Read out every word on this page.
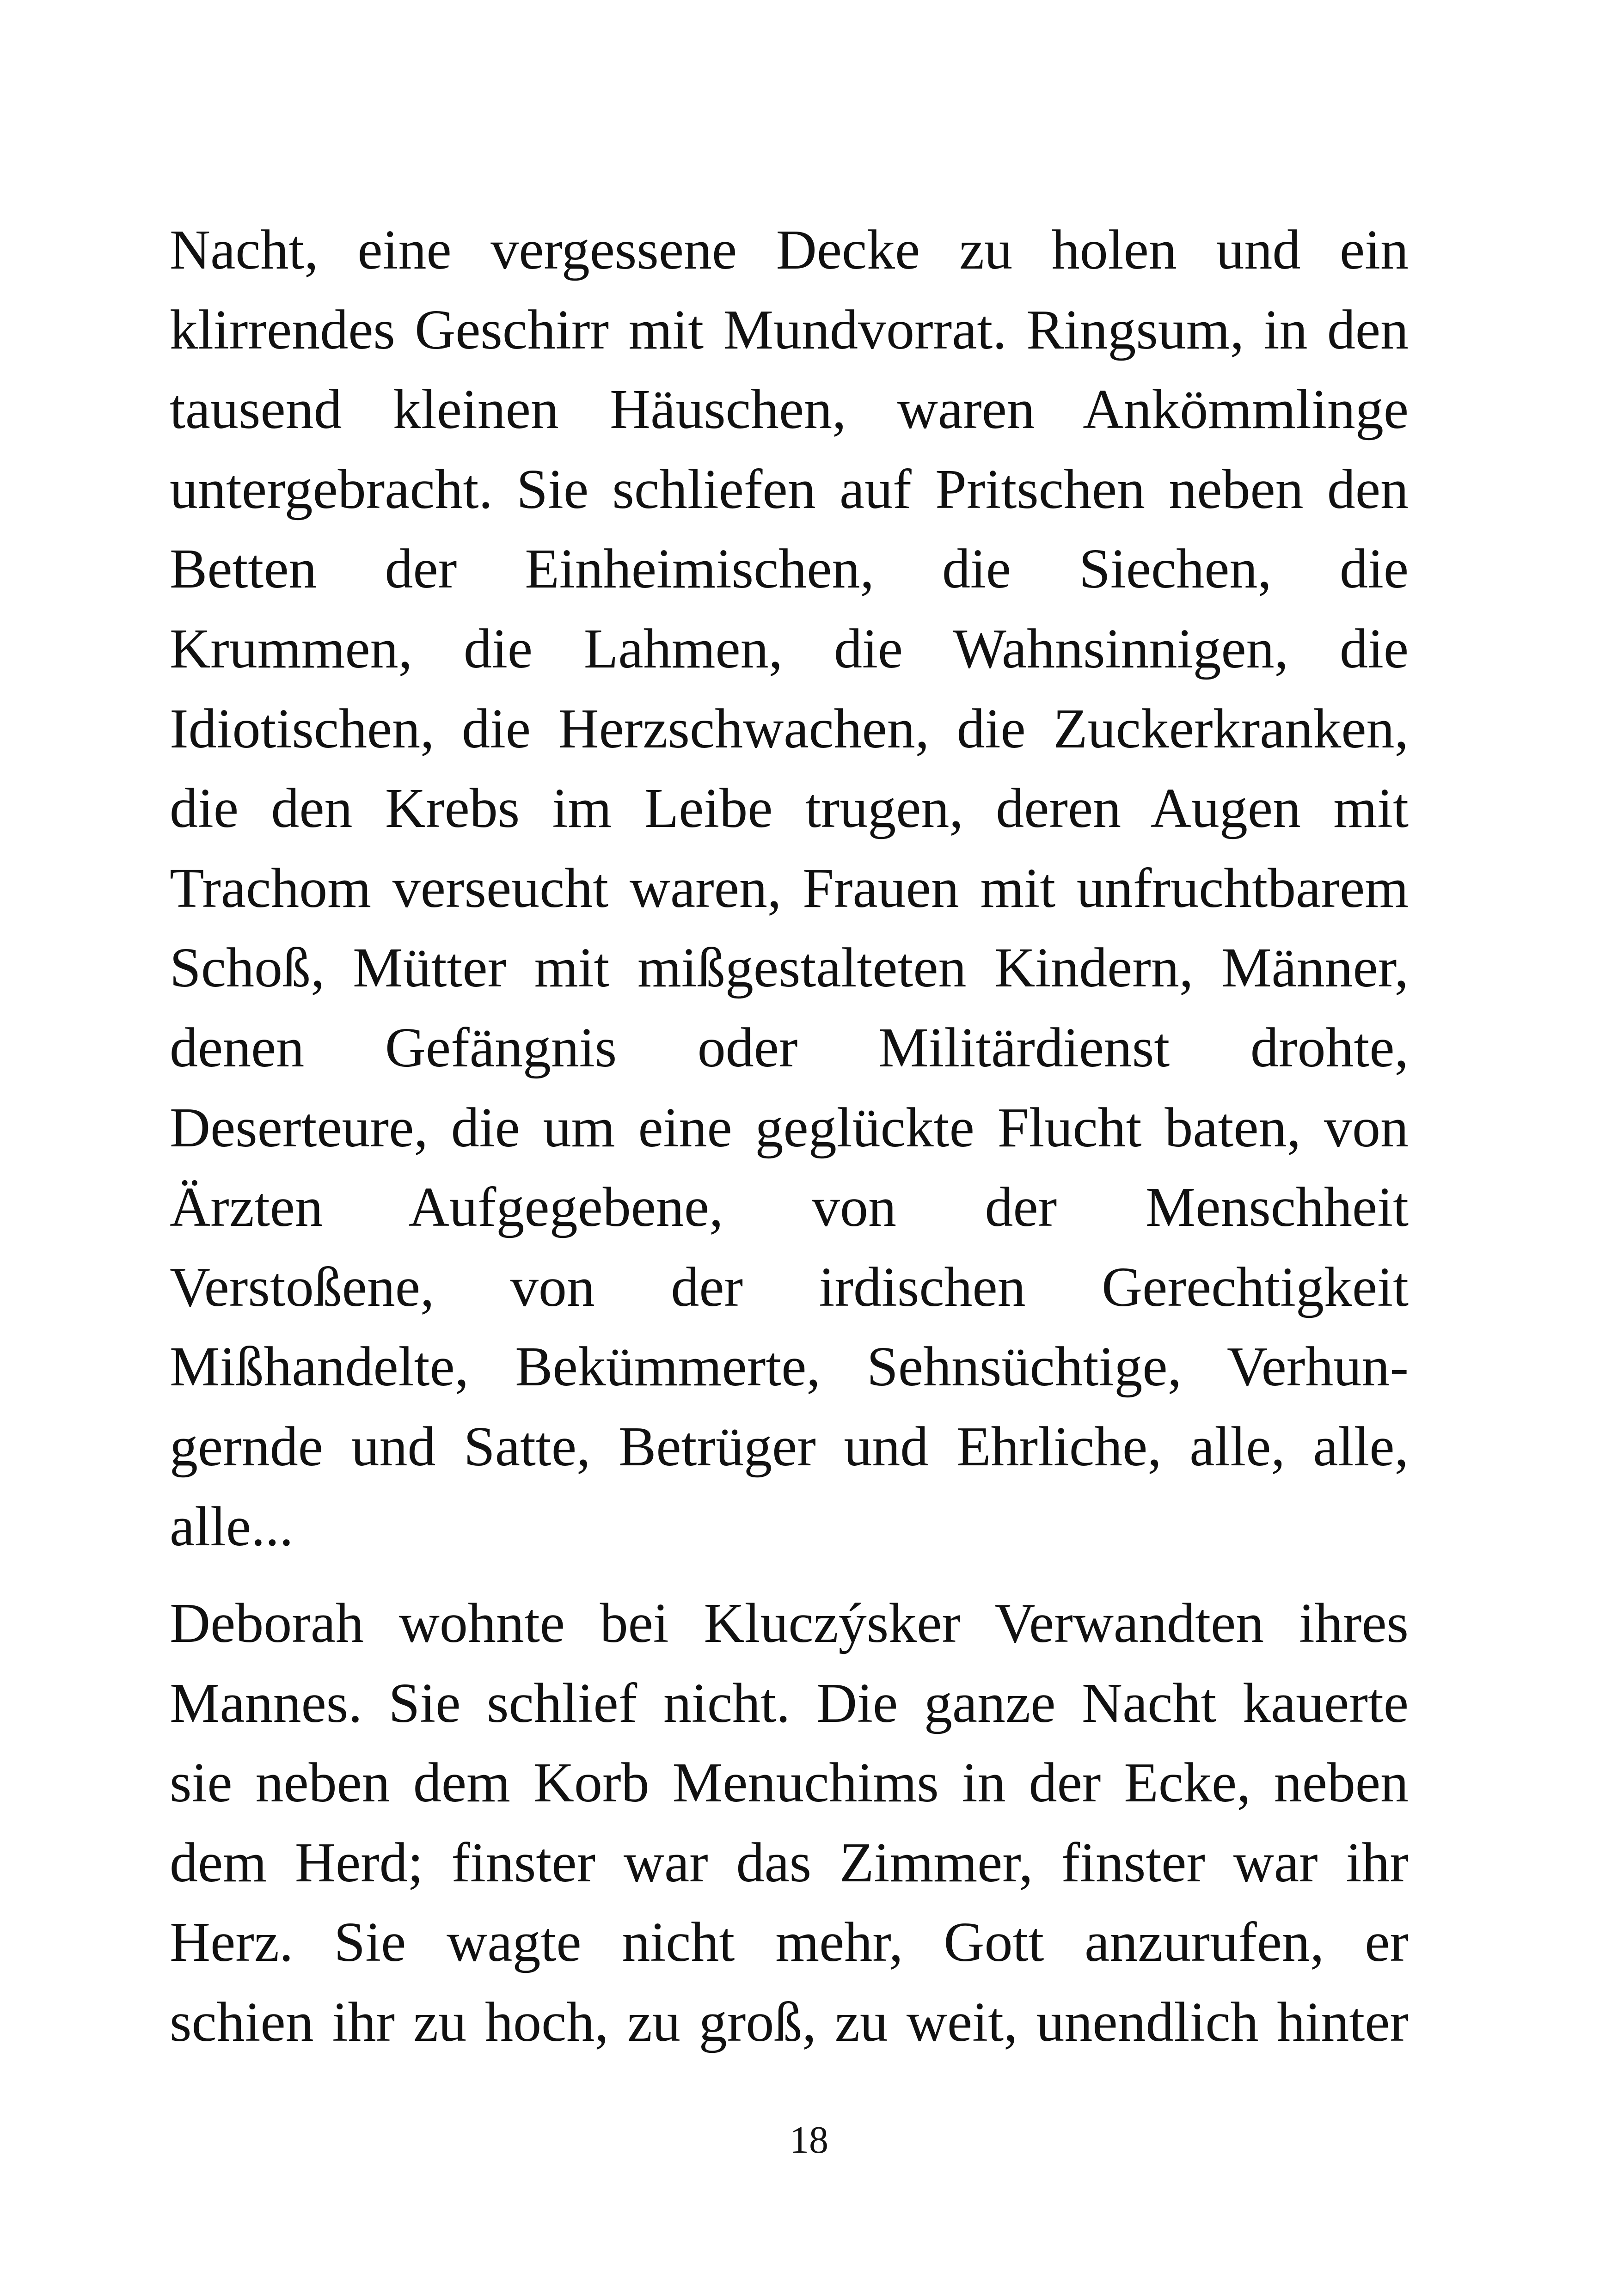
Nacht, eine vergessene Decke zu holen und ein
klirrendes Geschirr mit Mundvorrat. Ringsum, in den
tausend kleinen Häuschen, waren Ankömmlinge
untergebracht. Sie schliefen auf Pritschen neben den
Betten der Einheimischen, die Siechen, die
Krummen, die Lahmen, die Wahnsinnigen, die
Idiotischen, die Herzschwachen, die Zuckerkranken,
die den Krebs im Leibe trugen, deren Augen mit
Trachom verseucht waren, Frauen mit unfruchtbarem
Schoß, Mütter mit mißgestalteten Kindern, Männer,
denen Gefängnis oder Militärdienst drohte,
Deserteure, die um eine geglückte Flucht baten, von
Ärzten Aufgegebene, von der Menschheit
Verstoßene, von der irdischen Gerechtigkeit
Mißhandelte, Bekümmerte, Sehnsüchtige, Verhun-
gernde und Satte, Betrüger und Ehrliche, alle, alle,
alle...
Deborah wohnte bei Kluczýsker Verwandten ihres
Mannes. Sie schlief nicht. Die ganze Nacht kauerte
sie neben dem Korb Menuchims in der Ecke, neben
dem Herd; finster war das Zimmer, finster war ihr
Herz. Sie wagte nicht mehr, Gott anzurufen, er
schien ihr zu hoch, zu groß, zu weit, unendlich hinter
18
